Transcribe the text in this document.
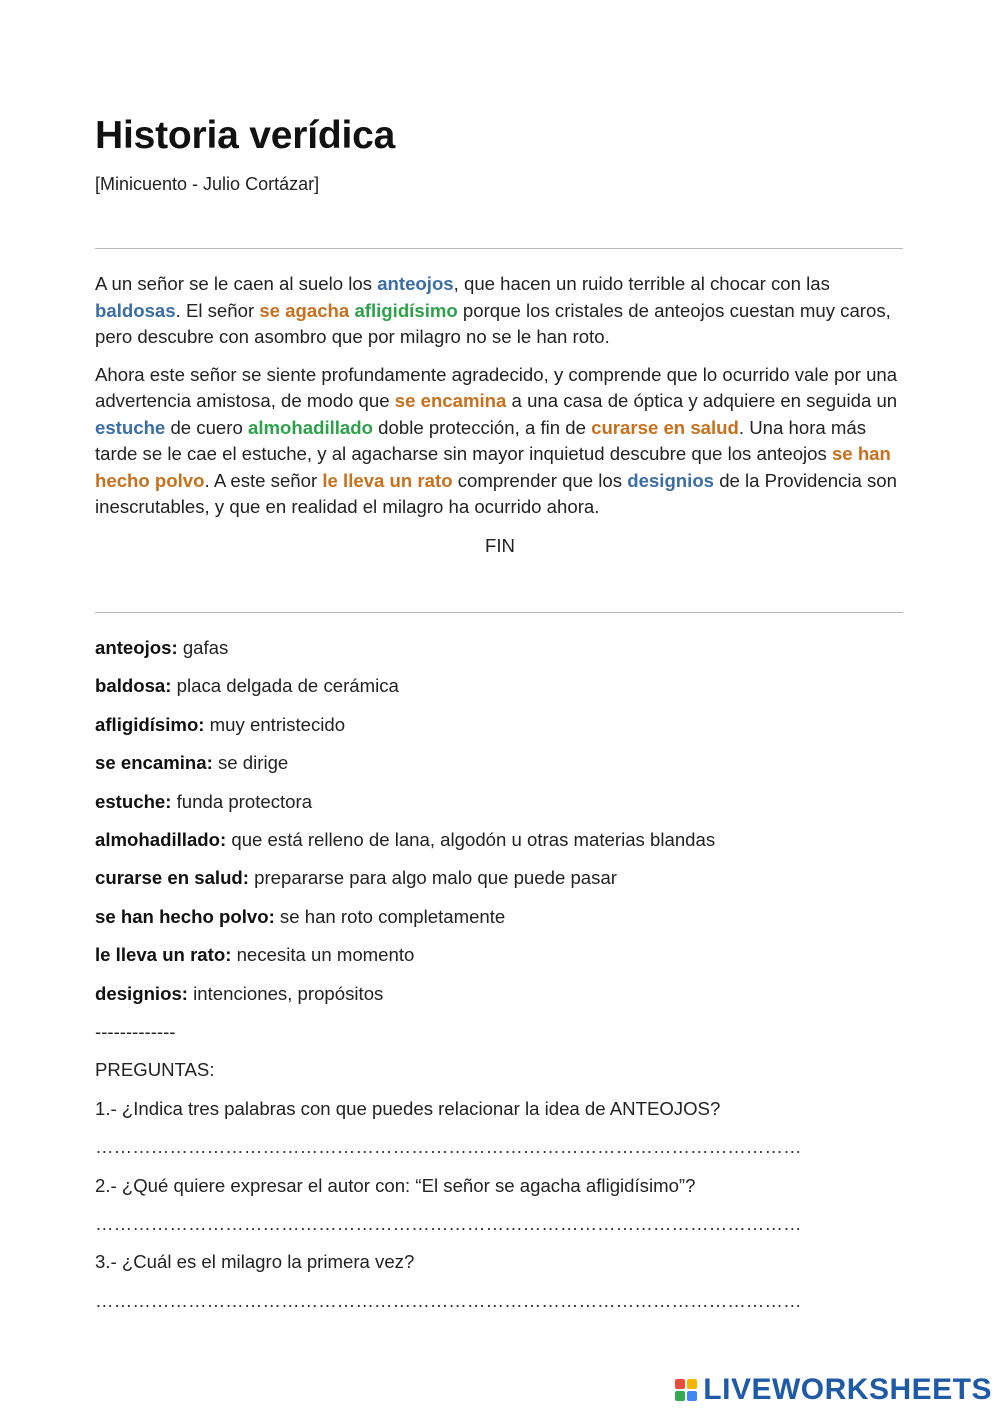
Historia verídica
[Minicuento - Julio Cortázar]

A un señor se le caen al suelo los anteojos, que hacen un ruido terrible al chocar con las baldosas. El señor se agacha afligidísimo porque los cristales de anteojos cuestan muy caros, pero descubre con asombro que por milagro no se le han roto.

Ahora este señor se siente profundamente agradecido, y comprende que lo ocurrido vale por una advertencia amistosa, de modo que se encamina a una casa de óptica y adquiere en seguida un estuche de cuero almohadillado doble protección, a fin de curarse en salud. Una hora más tarde se le cae el estuche, y al agacharse sin mayor inquietud descubre que los anteojos se han hecho polvo. A este señor le lleva un rato comprender que los designios de la Providencia son inescrutables, y que en realidad el milagro ha ocurrido ahora.

FIN
anteojos: gafas
baldosa: placa delgada de cerámica
afligidísimo: muy entristecido
se encamina: se dirige
estuche: funda protectora
almohadillado: que está relleno de lana, algodón u otras materias blandas
curarse en salud: prepararse para algo malo que puede pasar
se han hecho polvo: se han roto completamente
le lleva un rato: necesita un momento
designios: intenciones, propósitos
-------------
PREGUNTAS:
1.- ¿Indica tres palabras con que puedes relacionar la idea de ANTEOJOS?
……………………………………………………………………………………………………
2.- ¿Qué quiere expresar el autor con: “El señor se agacha afligidísimo”?
……………………………………………………………………………………………………
3.- ¿Cuál es el milagro la primera vez?
……………………………………………………………………………………………………
LIVEWORKSHEETS
